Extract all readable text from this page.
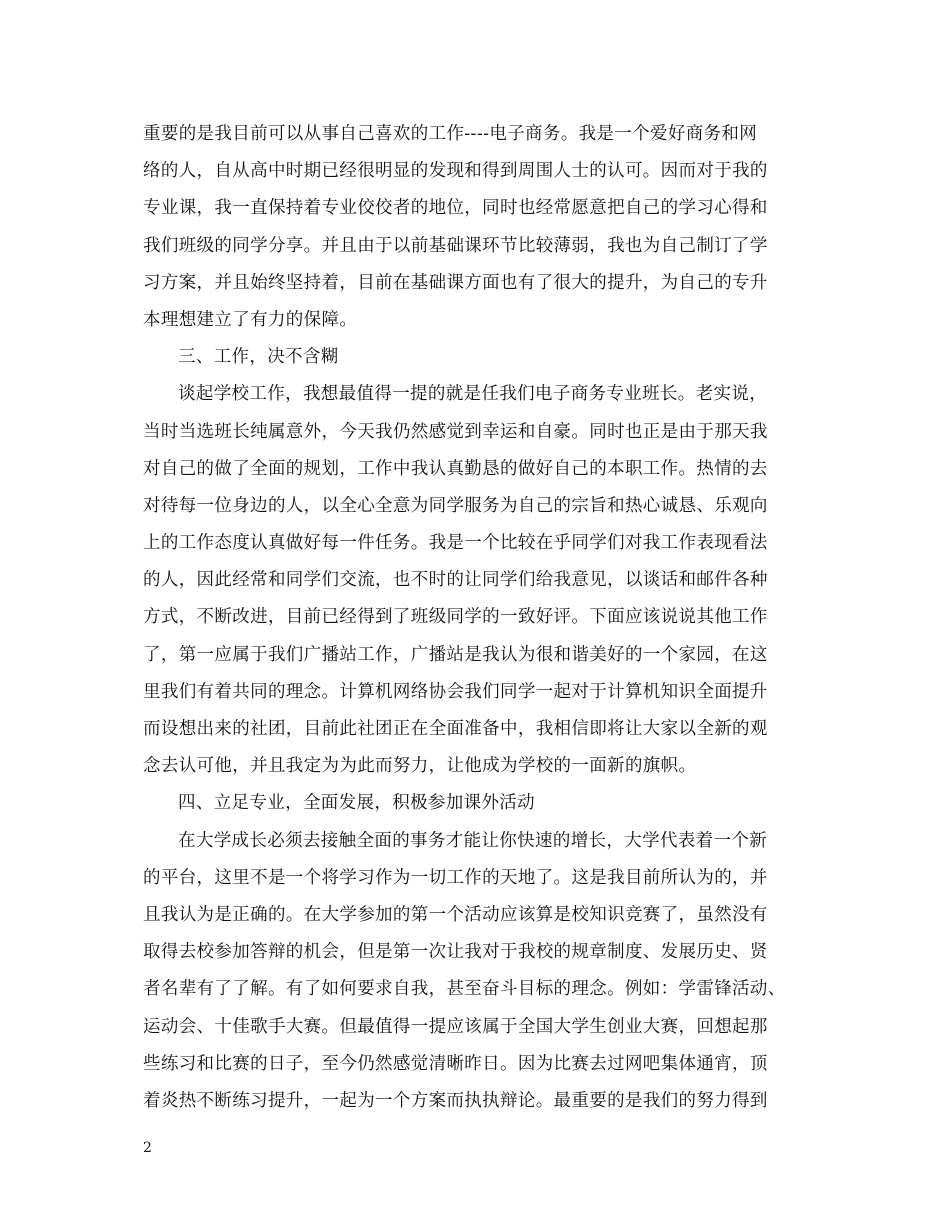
重要的是我目前可以从事自己喜欢的工作----电子商务。我是一个爱好商务和网
络的人，自从高中时期已经很明显的发现和得到周围人士的认可。因而对于我的
专业课，我一直保持着专业佼佼者的地位，同时也经常愿意把自己的学习心得和
我们班级的同学分享。并且由于以前基础课环节比较薄弱，我也为自己制订了学
习方案，并且始终坚持着，目前在基础课方面也有了很大的提升，为自己的专升
本理想建立了有力的保障。
三、工作，决不含糊
谈起学校工作，我想最值得一提的就是任我们电子商务专业班长。老实说，
当时当选班长纯属意外，今天我仍然感觉到幸运和自豪。同时也正是由于那天我
对自己的做了全面的规划，工作中我认真勤恳的做好自己的本职工作。热情的去
对待每一位身边的人，以全心全意为同学服务为自己的宗旨和热心诚恳、乐观向
上的工作态度认真做好每一件任务。我是一个比较在乎同学们对我工作表现看法
的人，因此经常和同学们交流，也不时的让同学们给我意见，以谈话和邮件各种
方式，不断改进，目前已经得到了班级同学的一致好评。下面应该说说其他工作
了，第一应属于我们广播站工作，广播站是我认为很和谐美好的一个家园，在这
里我们有着共同的理念。计算机网络协会我们同学一起对于计算机知识全面提升
而设想出来的社团，目前此社团正在全面准备中，我相信即将让大家以全新的观
念去认可他，并且我定为为此而努力，让他成为学校的一面新的旗帜。
四、立足专业，全面发展，积极参加课外活动
在大学成长必须去接触全面的事务才能让你快速的增长，大学代表着一个新
的平台，这里不是一个将学习作为一切工作的天地了。这是我目前所认为的，并
且我认为是正确的。在大学参加的第一个活动应该算是校知识竞赛了，虽然没有
取得去校参加答辩的机会，但是第一次让我对于我校的规章制度、发展历史、贤
者名辈有了了解。有了如何要求自我，甚至奋斗目标的理念。例如：学雷锋活动、
运动会、十佳歌手大赛。但最值得一提应该属于全国大学生创业大赛，回想起那
些练习和比赛的日子，至今仍然感觉清晰昨日。因为比赛去过网吧集体通宵，顶
着炎热不断练习提升，一起为一个方案而执执辩论。最重要的是我们的努力得到
2
